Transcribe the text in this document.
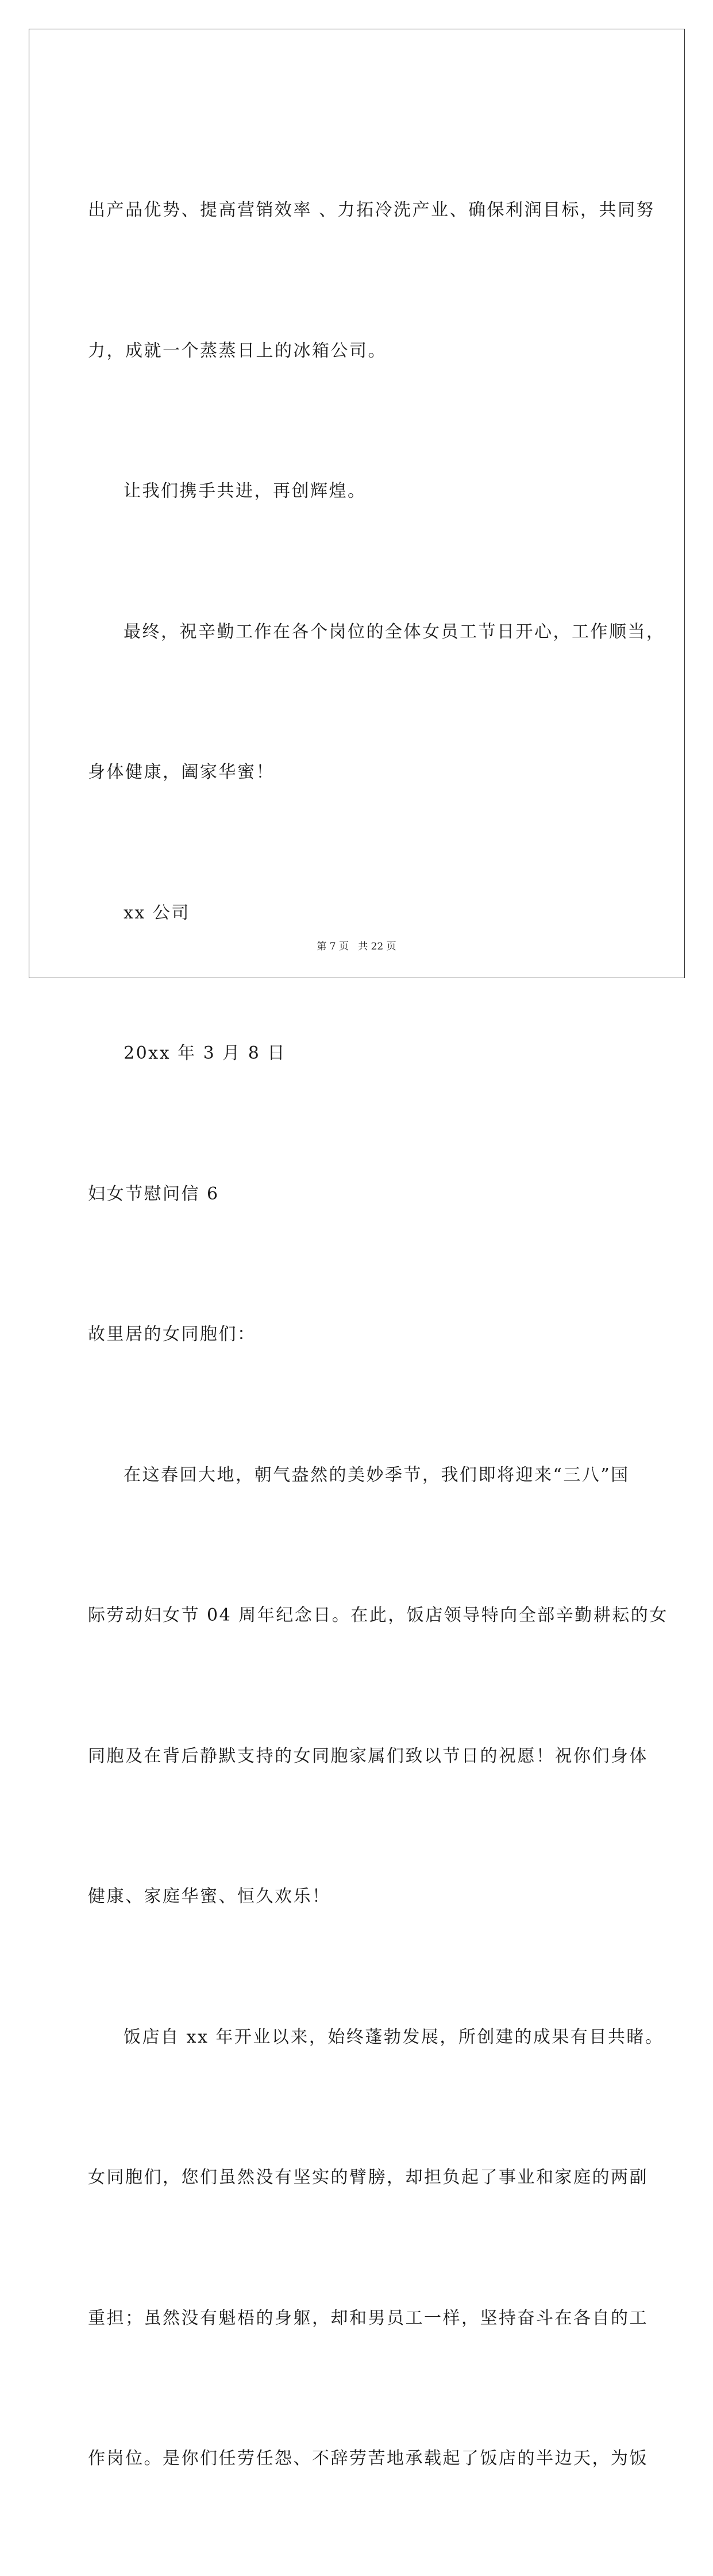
出产品优势、提高营销效率 、力拓冷洗产业、确保利润目标，共同努

力，成就一个蒸蒸日上的冰箱公司。

让我们携手共进，再创辉煌。

最终，祝辛勤工作在各个岗位的全体女员工节日开心，工作顺当，

身体健康，阖家华蜜！

xx 公司

20xx 年 3 月 8 日

妇女节慰问信 6

故里居的女同胞们：

在这春回大地，朝气盎然的美妙季节，我们即将迎来“三八”国

际劳动妇女节 04 周年纪念日。在此，饭店领导特向全部辛勤耕耘的女

同胞及在背后静默支持的女同胞家属们致以节日的祝愿！祝你们身体

健康、家庭华蜜、恒久欢乐！

饭店自 xx 年开业以来，始终蓬勃发展，所创建的成果有目共睹。

女同胞们，您们虽然没有坚实的臂膀，却担负起了事业和家庭的两副

重担；虽然没有魁梧的身躯，却和男员工一样，坚持奋斗在各自的工

作岗位。是你们任劳任怨、不辞劳苦地承载起了饭店的半边天，为饭

第 7 页 共 22 页
